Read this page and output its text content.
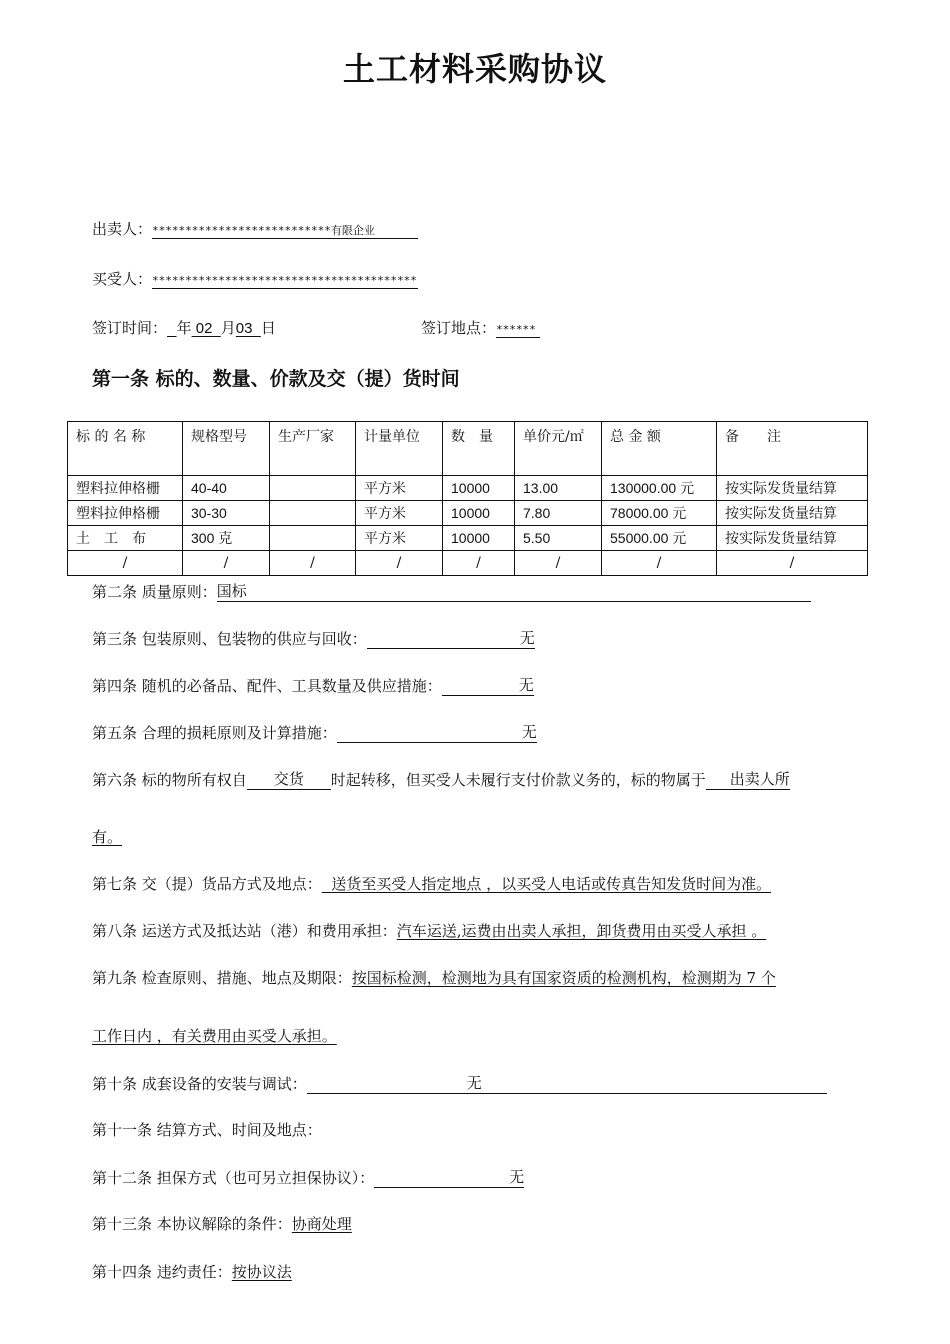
土工材料采购协议
出卖人：***************************有限企业
买受人：****************************************
签订时间： 年 02 月03 日	签订地点：******
第一条 标的、数量、价款及交（提）货时间
标 的 名 称	规格型号	生产厂家	计量单位	数　量	单价元/㎡	总 金 额	备　　注
塑料拉伸格栅	40-40		平方米	10000	13.00	130000.00 元	按实际发货量结算
塑料拉伸格栅	30-30		平方米	10000	7.80	78000.00 元	按实际发货量结算
土　工　布	300 克		平方米	10000	5.50	55000.00 元	按实际发货量结算
/	/	/	/	/	/	/	/
第二条 质量原则：国标
第三条 包装原则、包装物的供应与回收：	无
第四条 随机的必备品、配件、工具数量及供应措施：	无
第五条 合理的损耗原则及计算措施：	无
第六条 标的物所有权自 交货 时起转移，但买受人未履行支付价款义务的，标的物属于 出卖人所
有。
第七条 交（提）货品方式及地点： 送货至买受人指定地点 ，以买受人电话或传真告知发货时间为准。
第八条 运送方式及抵达站（港）和费用承担：汽车运送,运费由出卖人承担，卸货费用由买受人承担 。
第九条 检查原则、措施、地点及期限：按国标检测，检测地为具有国家资质的检测机构，检测期为 7 个
工作日内 ，有关费用由买受人承担。
第十条 成套设备的安装与调试：	无
第十一条 结算方式、时间及地点：
第十二条 担保方式（也可另立担保协议）：	无
第十三条 本协议解除的条件：协商处理
第十四条 违约责任：按协议法
